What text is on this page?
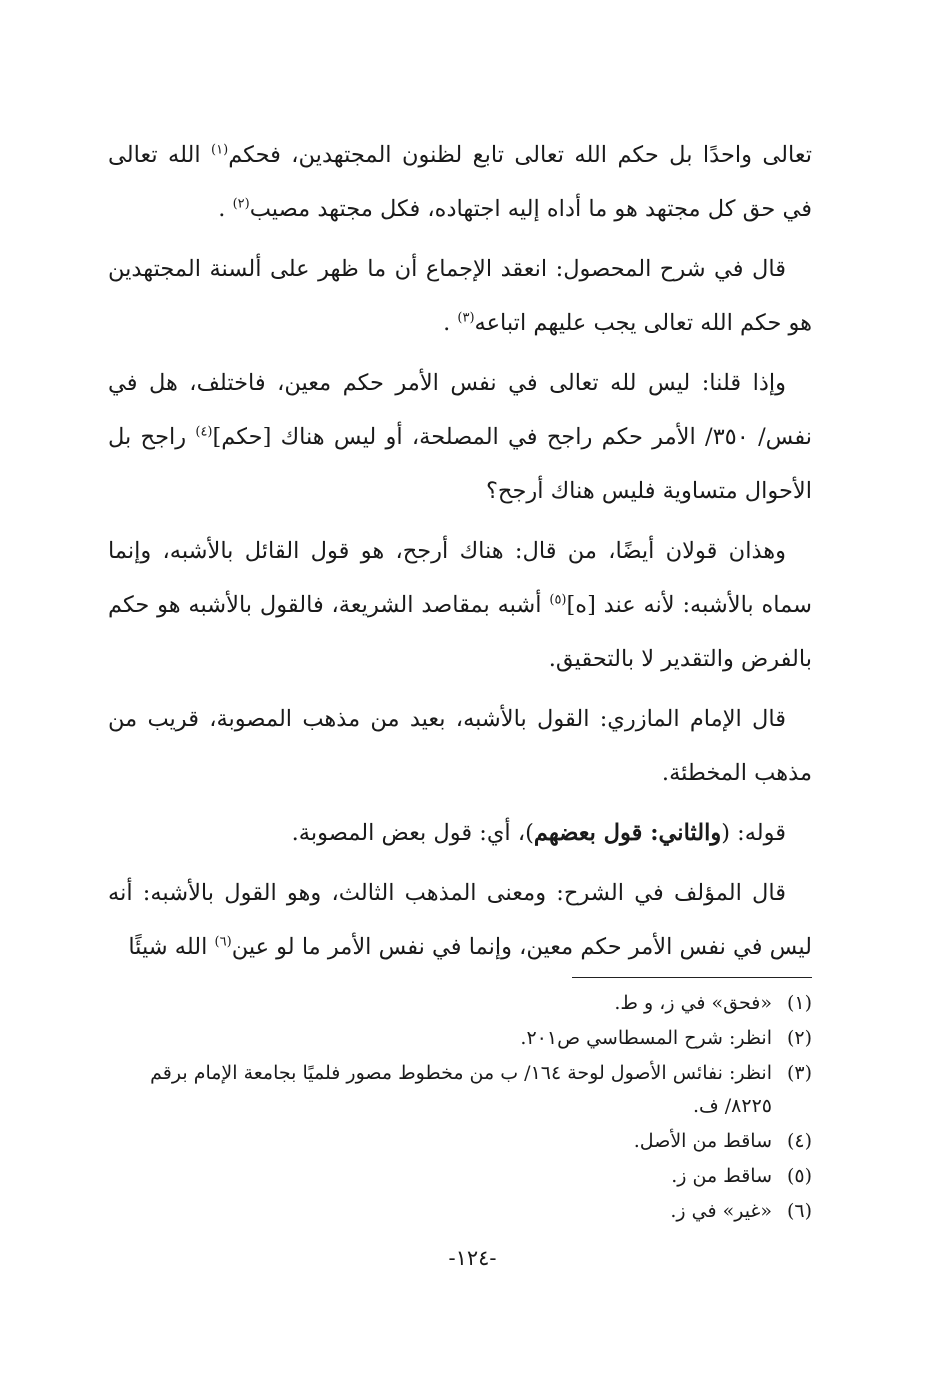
تعالى واحدًا بل حكم الله تعالى تابع لظنون المجتهدين، فحكم$^{(١)}$ الله تعالى في حق كل مجتهد هو ما أداه إليه اجتهاده، فكل مجتهد مصيب$^{(٢)}$ .

قال في شرح المحصول: انعقد الإجماع أن ما ظهر على ألسنة المجتهدين هو حكم الله تعالى يجب عليهم اتباعه$^{(٣)}$ .

وإذا قلنا: ليس لله تعالى في نفس الأمر حكم معين، فاختلف، هل في نفس/ ٣٥٠/ الأمر حكم راجح في المصلحة، أو ليس هناك [حكم]$^{(٤)}$ راجح بل الأحوال متساوية فليس هناك أرجح؟

وهذان قولان أيضًا، من قال: هناك أرجح، هو قول القائل بالأشبه، وإنما سماه بالأشبه: لأنه عند [ه]$^{(٥)}$ أشبه بمقاصد الشريعة، فالقول بالأشبه هو حكم بالفرض والتقدير لا بالتحقيق.

قال الإمام المازري: القول بالأشبه، بعيد من مذهب المصوبة، قريب من مذهب المخطئة.

قوله: (والثاني: قول بعضهم)، أي: قول بعض المصوبة.

قال المؤلف في الشرح: ومعنى المذهب الثالث، وهو القول بالأشبه: أنه ليس في نفس الأمر حكم معين، وإنما في نفس الأمر ما لو عين$^{(٦)}$ الله شيئًا

(١)
«فحق» في ز، و ط.
(٢)
انظر: شرح المسطاسي ص٢٠١.
(٣)
انظر: نفائس الأصول لوحة ١٦٤/ ب من مخطوط مصور فلميًا بجامعة الإمام برقم ٨٢٢٥/ ف.
(٤)
ساقط من الأصل.
(٥)
ساقط من ز.
(٦)
«غير» في ز.
-١٢٤-
